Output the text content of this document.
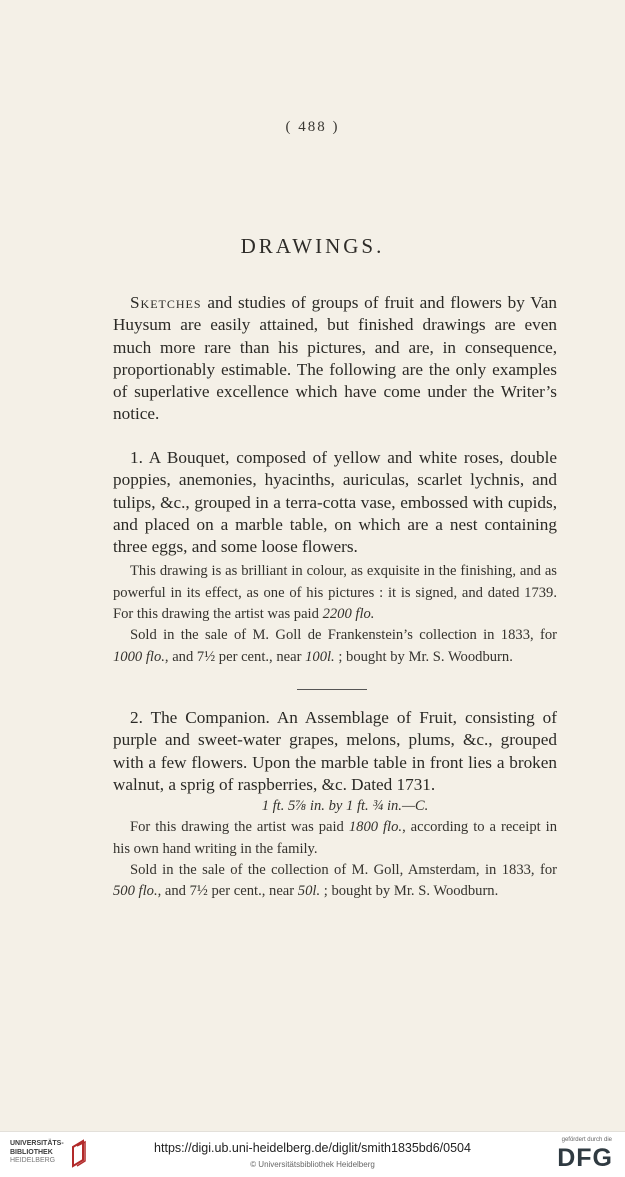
( 488 )
DRAWINGS.

Sketches and studies of groups of fruit and flowers by Van Huysum are easily attained, but finished drawings are even much more rare than his pictures, and are, in consequence, proportionably estimable. The following are the only examples of superlative excellence which have come under the Writer’s notice.

1. A Bouquet, composed of yellow and white roses, double poppies, anemonies, hyacinths, auriculas, scarlet lychnis, and tulips, &c., grouped in a terra-cotta vase, embossed with cupids, and placed on a marble table, on which are a nest containing three eggs, and some loose flowers.

This drawing is as brilliant in colour, as exquisite in the finishing, and as powerful in its effect, as one of his pictures : it is signed, and dated 1739. For this drawing the artist was paid 2200 flo.

Sold in the sale of M. Goll de Frankenstein’s collection in 1833, for 1000 flo., and 7½ per cent., near 100l. ; bought by Mr. S. Woodburn.

2. The Companion. An Assemblage of Fruit, consisting of purple and sweet-water grapes, melons, plums, &c., grouped with a few flowers. Upon the marble table in front lies a broken walnut, a sprig of raspberries, &c. Dated 1731.

1 ft. 5⅞ in. by 1 ft. ¾ in.—C.

For this drawing the artist was paid 1800 flo., according to a receipt in his own hand writing in the family.

Sold in the sale of the collection of M. Goll, Amsterdam, in 1833, for 500 flo., and 7½ per cent., near 50l. ; bought by Mr. S. Woodburn.

UNIVERSITÄTS-
BIBLIOTHEK
HEIDELBERG
https://digi.ub.uni-heidelberg.de/diglit/smith1835bd6/0504
© Universitätsbibliothek Heidelberg
gefördert durch die
DFG
